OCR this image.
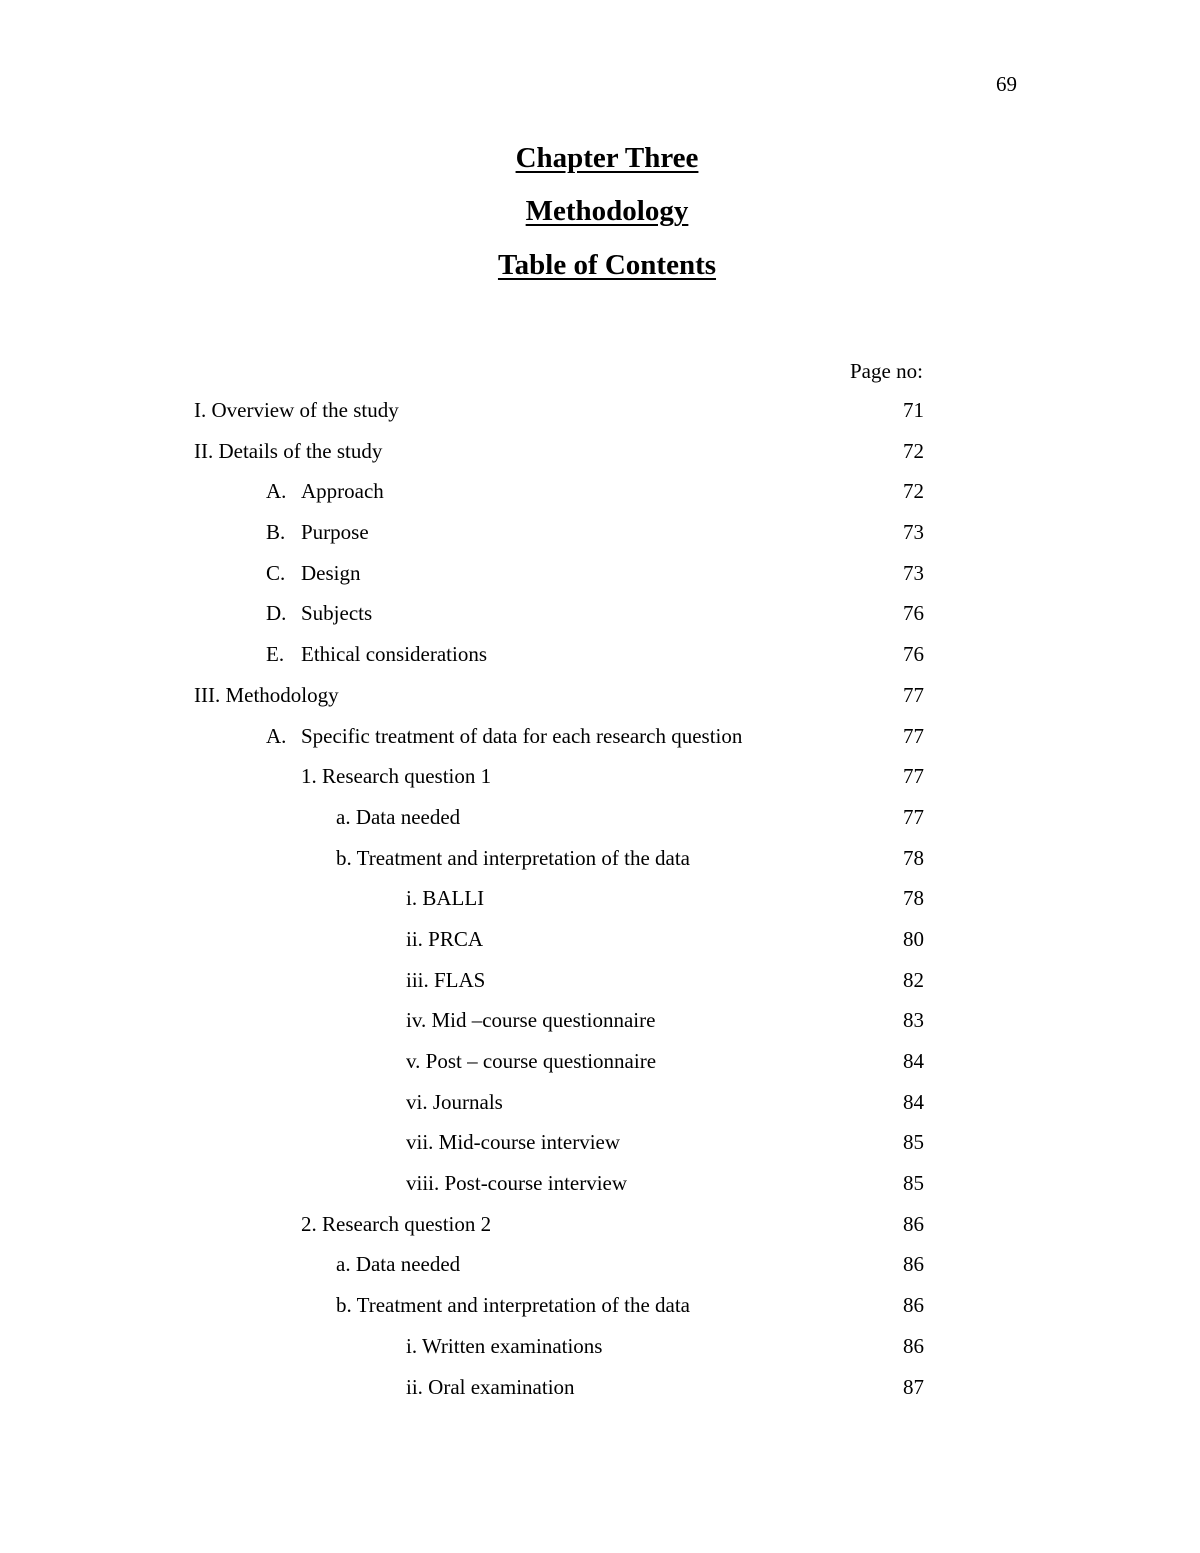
69
Chapter Three
Methodology
Table of Contents
Page no:
I. Overview of the study	71
II. Details of the study	72
A. Approach	72
B. Purpose	73
C. Design	73
D. Subjects	76
E. Ethical considerations	76
III. Methodology	77
A. Specific treatment of data for each research question	77
1. Research question 1	77
a. Data needed	77
b. Treatment and interpretation of the data	78
i. BALLI	78
ii. PRCA	80
iii. FLAS	82
iv. Mid –course questionnaire	83
v. Post – course questionnaire	84
vi. Journals	84
vii. Mid-course interview	85
viii. Post-course interview	85
2. Research question 2	86
a. Data needed	86
b. Treatment and interpretation of the data	86
i. Written examinations	86
ii. Oral examination	87
